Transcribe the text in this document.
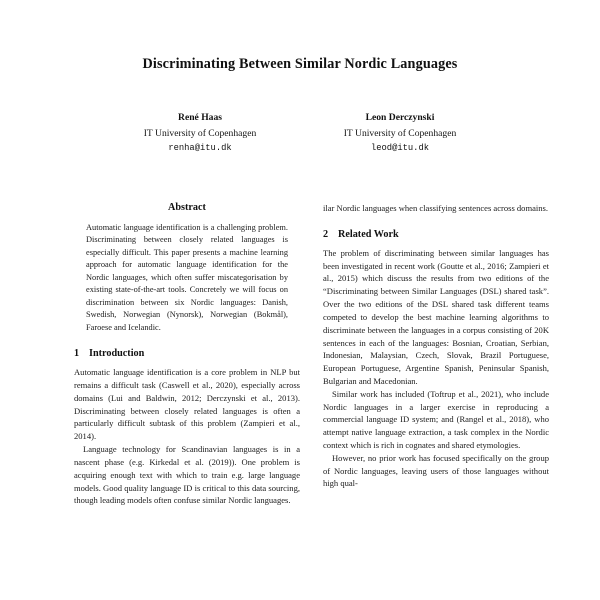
Discriminating Between Similar Nordic Languages
René Haas
IT University of Copenhagen
renha@itu.dk
Leon Derczynski
IT University of Copenhagen
leod@itu.dk
Abstract

Automatic language identification is a challenging problem. Discriminating between closely related languages is especially difficult. This paper presents a machine learning approach for automatic language identification for the Nordic languages, which often suffer miscategorisation by existing state-of-the-art tools. Concretely we will focus on discrimination between six Nordic languages: Danish, Swedish, Norwegian (Nynorsk), Norwegian (Bokmål), Faroese and Icelandic.

1 Introduction

Automatic language identification is a core problem in NLP but remains a difficult task (Caswell et al., 2020), especially across domains (Lui and Baldwin, 2012; Derczynski et al., 2013). Discriminating between closely related languages is often a particularly difficult subtask of this problem (Zampieri et al., 2014).

Language technology for Scandinavian languages is in a nascent phase (e.g. Kirkedal et al. (2019)). One problem is acquiring enough text with which to train e.g. large language models. Good quality language ID is critical to this data sourcing, though leading models often confuse similar Nordic languages.

ilar Nordic languages when classifying sentences across domains.

2 Related Work

The problem of discriminating between similar languages has been investigated in recent work (Goutte et al., 2016; Zampieri et al., 2015) which discuss the results from two editions of the “Discriminating between Similar Languages (DSL) shared task”. Over the two editions of the DSL shared task different teams competed to develop the best machine learning algorithms to discriminate between the languages in a corpus consisting of 20K sentences in each of the languages: Bosnian, Croatian, Serbian, Indonesian, Malaysian, Czech, Slovak, Brazil Portuguese, European Portuguese, Argentine Spanish, Peninsular Spanish, Bulgarian and Macedonian.

Similar work has included (Toftrup et al., 2021), who include Nordic languages in a larger exercise in reproducing a commercial language ID system; and (Rangel et al., 2018), who attempt native language extraction, a task complex in the Nordic context which is rich in cognates and shared etymologies.

However, no prior work has focused specifically on the group of Nordic languages, leaving users of those languages without high qual-
